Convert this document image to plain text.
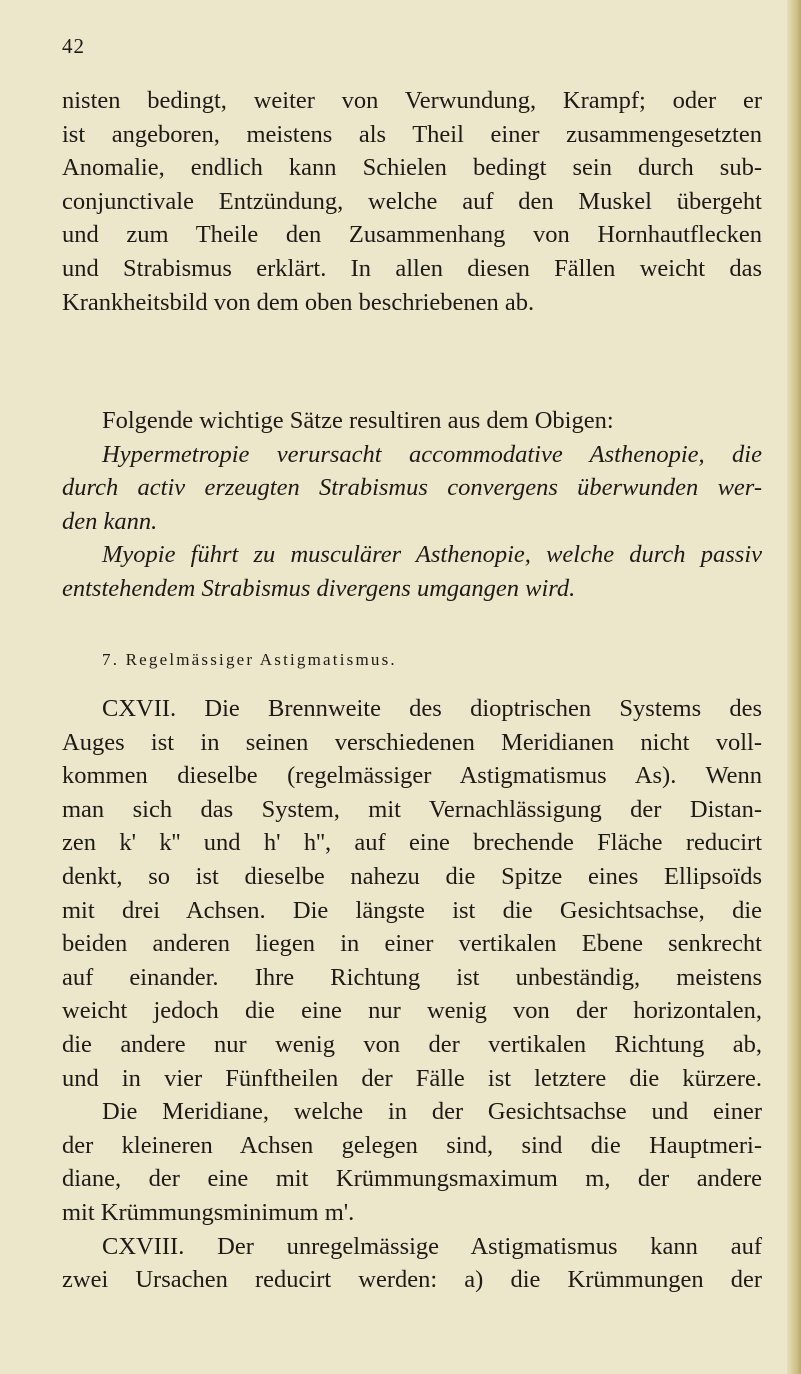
42
nisten bedingt, weiter von Verwundung, Krampf; oder er
ist angeboren, meistens als Theil einer zusammengesetzten
Anomalie, endlich kann Schielen bedingt sein durch sub-
conjunctivale Entzündung, welche auf den Muskel übergeht
und zum Theile den Zusammenhang von Hornhautflecken
und Strabismus erklärt. In allen diesen Fällen weicht das
Krankheitsbild von dem oben beschriebenen ab.
Folgende wichtige Sätze resultiren aus dem Obigen:
Hypermetropie verursacht accommodative Asthenopie, die
durch activ erzeugten Strabismus convergens überwunden wer-
den kann.
Myopie führt zu musculärer Asthenopie, welche durch passiv
entstehendem Strabismus divergens umgangen wird.
7. Regelmässiger Astigmatismus.
CXVII. Die Brennweite des dioptrischen Systems des
Auges ist in seinen verschiedenen Meridianen nicht voll-
kommen dieselbe (regelmässiger Astigmatismus As). Wenn
man sich das System, mit Vernachlässigung der Distan-
zen k' k'' und h' h'', auf eine brechende Fläche reducirt
denkt, so ist dieselbe nahezu die Spitze eines Ellipsoïds
mit drei Achsen. Die längste ist die Gesichtsachse, die
beiden anderen liegen in einer vertikalen Ebene senkrecht
auf einander. Ihre Richtung ist unbeständig, meistens
weicht jedoch die eine nur wenig von der horizontalen,
die andere nur wenig von der vertikalen Richtung ab,
und in vier Fünftheilen der Fälle ist letztere die kürzere.
Die Meridiane, welche in der Gesichtsachse und einer
der kleineren Achsen gelegen sind, sind die Hauptmeri-
diane, der eine mit Krümmungsmaximum m, der andere
mit Krümmungsminimum m'.
CXVIII. Der unregelmässige Astigmatismus kann auf
zwei Ursachen reducirt werden: a) die Krümmungen der
